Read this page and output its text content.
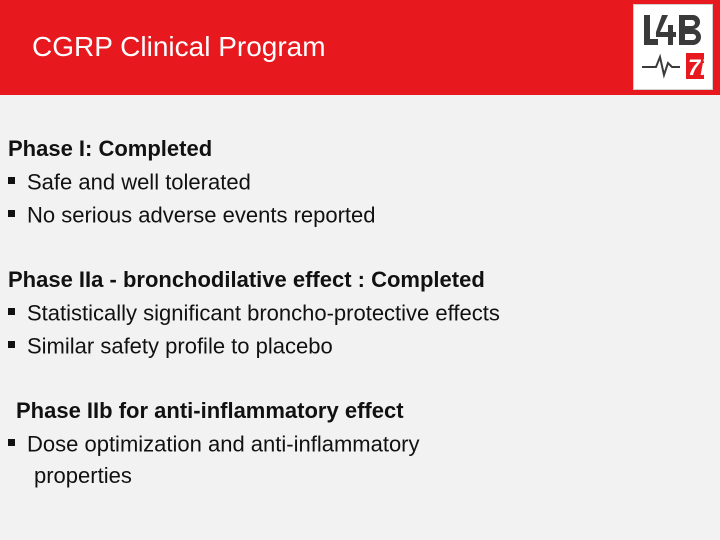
CGRP Clinical Program
7i
Phase I: Completed
Safe and well tolerated
No serious adverse events reported
Phase IIa - bronchodilative effect : Completed
Statistically significant broncho-protective effects
Similar safety profile to placebo
Phase IIb for anti-inflammatory effect
Dose optimization and anti-inflammatory
properties
